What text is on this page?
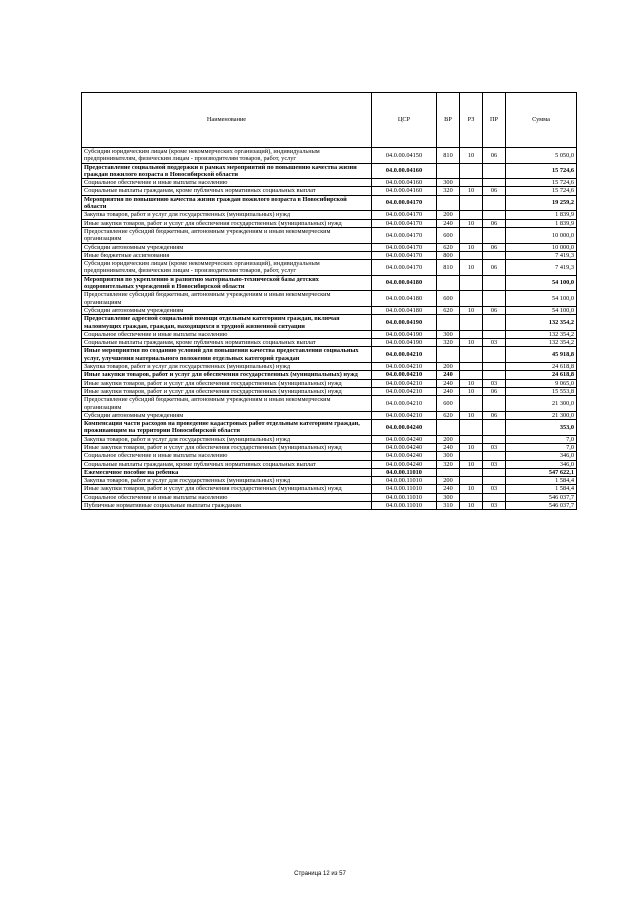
Наименование	ЦСР	ВР	РЗ	ПР	Сумма
Субсидии юридическим лицам (кроме некоммерческих организаций), индивидуальным предпринимателям, физическим лицам - производителям товаров, работ, услуг	04.0.00.04150	810	10	06	5 050,0
Предоставление социальной поддержки в рамках мероприятий по повышению качества жизни граждан пожилого возраста в Новосибирской области	04.0.00.04160				15 724,6
Социальное обеспечение и иные выплаты населению	04.0.00.04160	300			15 724,6
Социальные выплаты гражданам, кроме публичных нормативных социальных выплат	04.0.00.04160	320	10	06	15 724,6
Мероприятия по повышению качества жизни граждан пожилого возраста в Новосибирской области	04.0.00.04170				19 259,2
Закупка товаров, работ и услуг для государственных (муниципальных) нужд	04.0.00.04170	200			1 839,9
Иные закупки товаров, работ и услуг для обеспечения государственных (муниципальных) нужд	04.0.00.04170	240	10	06	1 839,9
Предоставление субсидий бюджетным, автономным учреждениям и иным некоммерческим организациям	04.0.00.04170	600			10 000,0
Субсидии автономным учреждениям	04.0.00.04170	620	10	06	10 000,0
Иные бюджетные ассигнования	04.0.00.04170	800			7 419,3
Субсидии юридическим лицам (кроме некоммерческих организаций), индивидуальным предпринимателям, физическим лицам - производителям товаров, работ, услуг	04.0.00.04170	810	10	06	7 419,3
Мероприятия по укреплению и развитию материально-технической базы детских оздоровительных учреждений в Новосибирской области	04.0.00.04180				54 100,0
Предоставление субсидий бюджетным, автономным учреждениям и иным некоммерческим организациям	04.0.00.04180	600			54 100,0
Субсидии автономным учреждениям	04.0.00.04180	620	10	06	54 100,0
Предоставление адресной социальной помощи отдельным категориям граждан, включая малоимущих граждан, граждан, находящихся в трудной жизненной ситуации	04.0.00.04190				132 354,2
Социальное обеспечение и иные выплаты населению	04.0.00.04190	300			132 354,2
Социальные выплаты гражданам, кроме публичных нормативных социальных выплат	04.0.00.04190	320	10	03	132 354,2
Иные мероприятия по созданию условий для повышения качества предоставления социальных услуг, улучшения материального положения отдельных категорий граждан	04.0.00.04210				45 918,8
Закупка товаров, работ и услуг для государственных (муниципальных) нужд	04.0.00.04210	200			24 618,8
Иные закупки товаров, работ и услуг для обеспечения государственных (муниципальных) нужд	04.0.00.04210	240			24 618,8
Иные закупки товаров, работ и услуг для обеспечения государственных (муниципальных) нужд	04.0.00.04210	240	10	03	9 065,0
Иные закупки товаров, работ и услуг для обеспечения государственных (муниципальных) нужд	04.0.00.04210	240	10	06	15 553,8
Предоставление субсидий бюджетным, автономным учреждениям и иным некоммерческим организациям	04.0.00.04210	600			21 300,0
Субсидии автономным учреждениям	04.0.00.04210	620	10	06	21 300,0
Компенсация части расходов на проведение кадастровых работ отдельным категориям граждан, проживающим на территории Новосибирской области	04.0.00.04240				353,0
Закупка товаров, работ и услуг для государственных (муниципальных) нужд	04.0.00.04240	200			7,0
Иные закупки товаров, работ и услуг для обеспечения государственных (муниципальных) нужд	04.0.00.04240	240	10	03	7,0
Социальное обеспечение и иные выплаты населению	04.0.00.04240	300			346,0
Социальные выплаты гражданам, кроме публичных нормативных социальных выплат	04.0.00.04240	320	10	03	346,0
Ежемесячное пособие на ребенка	04.0.00.11010				547 622,1
Закупка товаров, работ и услуг для государственных (муниципальных) нужд	04.0.00.11010	200			1 584,4
Иные закупки товаров, работ и услуг для обеспечения государственных (муниципальных) нужд	04.0.00.11010	240	10	03	1 584,4
Социальное обеспечение и иные выплаты населению	04.0.00.11010	300			546 037,7
Публичные нормативные социальные выплаты гражданам	04.0.00.11010	310	10	03	546 037,7
Страница 12 из 57
